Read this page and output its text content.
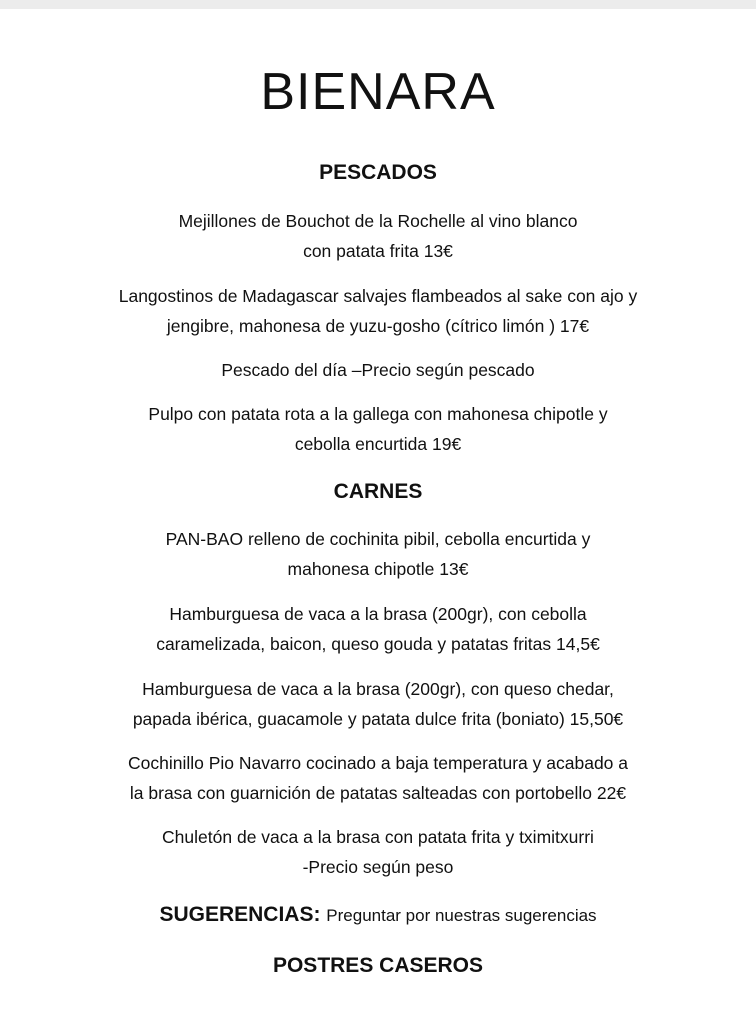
BIENARA
PESCADOS
Mejillones de Bouchot de la Rochelle al vino blanco
con patata frita 13€
Langostinos de Madagascar salvajes flambeados al sake con ajo y
jengibre, mahonesa de yuzu-gosho (cítrico limón ) 17€
Pescado del día –Precio según pescado
Pulpo con patata rota a la gallega con mahonesa chipotle y
cebolla encurtida 19€
CARNES
PAN-BAO relleno de cochinita pibil, cebolla encurtida y
mahonesa chipotle 13€
Hamburguesa de vaca a la brasa (200gr), con cebolla
caramelizada, baicon, queso gouda y patatas fritas 14,5€
Hamburguesa de vaca a la brasa (200gr), con queso chedar,
papada ibérica, guacamole y patata dulce frita (boniato) 15,50€
Cochinillo Pio Navarro cocinado a baja temperatura y acabado a
la brasa con guarnición de patatas salteadas con portobello 22€
Chuletón de vaca a la brasa con patata frita y tximitxurri
-Precio según peso
SUGERENCIAS: Preguntar por nuestras sugerencias
POSTRES CASEROS
